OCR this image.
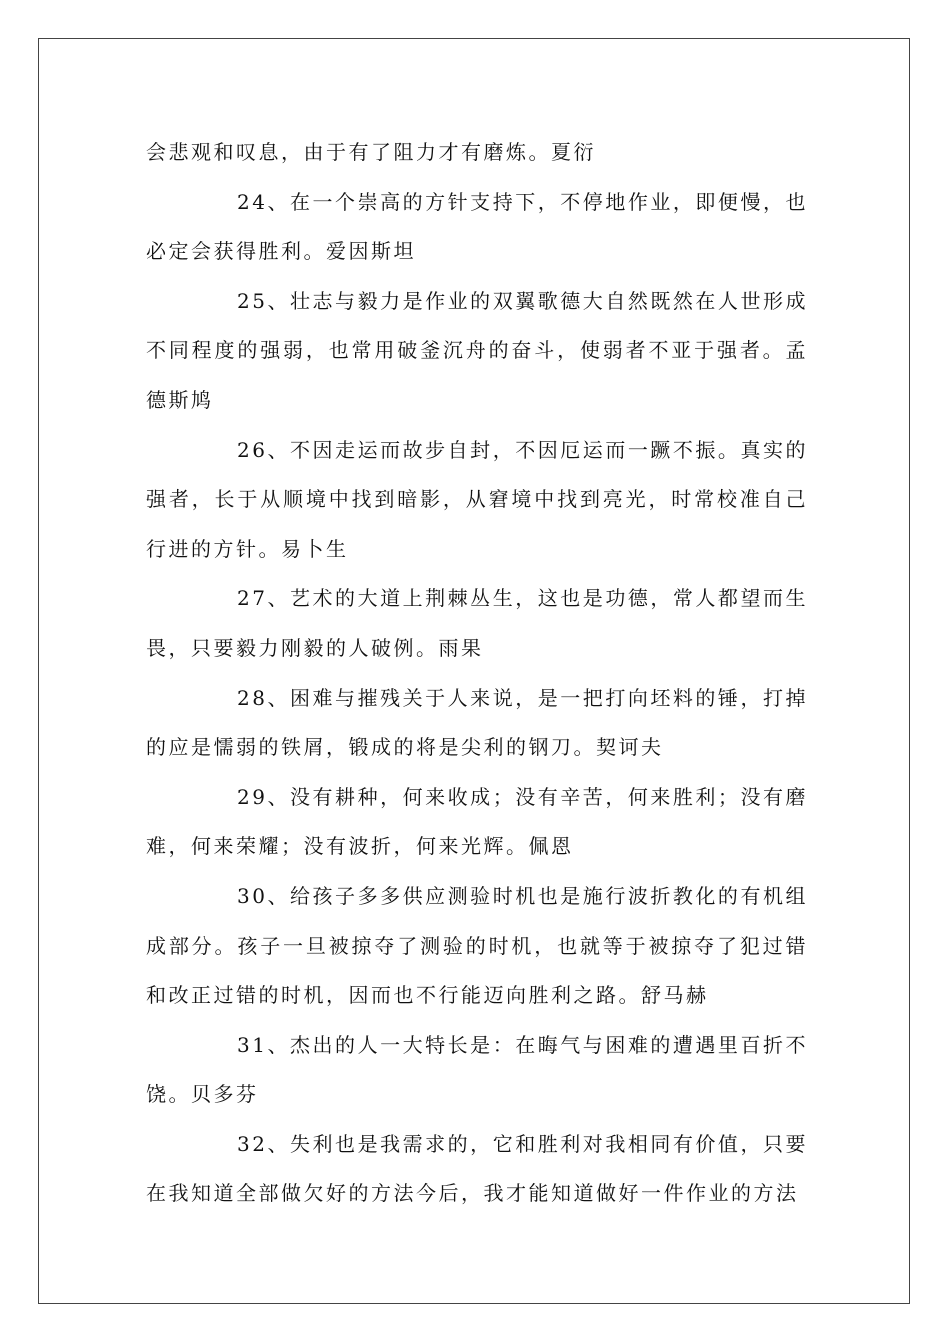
会悲观和叹息，由于有了阻力才有磨炼。夏衍

24、在一个崇高的方针支持下，不停地作业，即便慢，也必定会获得胜利。爱因斯坦

25、壮志与毅力是作业的双翼歌德大自然既然在人世形成不同程度的强弱，也常用破釜沉舟的奋斗，使弱者不亚于强者。孟德斯鸠

26、不因走运而故步自封，不因厄运而一蹶不振。真实的强者，长于从顺境中找到暗影，从窘境中找到亮光，时常校准自己行进的方针。易卜生

27、艺术的大道上荆棘丛生，这也是功德，常人都望而生畏，只要毅力刚毅的人破例。雨果

28、困难与摧残关于人来说，是一把打向坯料的锤，打掉的应是懦弱的铁屑，锻成的将是尖利的钢刀。契诃夫

29、没有耕种，何来收成；没有辛苦，何来胜利；没有磨难，何来荣耀；没有波折，何来光辉。佩恩

30、给孩子多多供应测验时机也是施行波折教化的有机组成部分。孩子一旦被掠夺了测验的时机，也就等于被掠夺了犯过错和改正过错的时机，因而也不行能迈向胜利之路。舒马赫

31、杰出的人一大特长是：在晦气与困难的遭遇里百折不饶。贝多芬

32、失利也是我需求的，它和胜利对我相同有价值，只要在我知道全部做欠好的方法今后，我才能知道做好一件作业的方法
